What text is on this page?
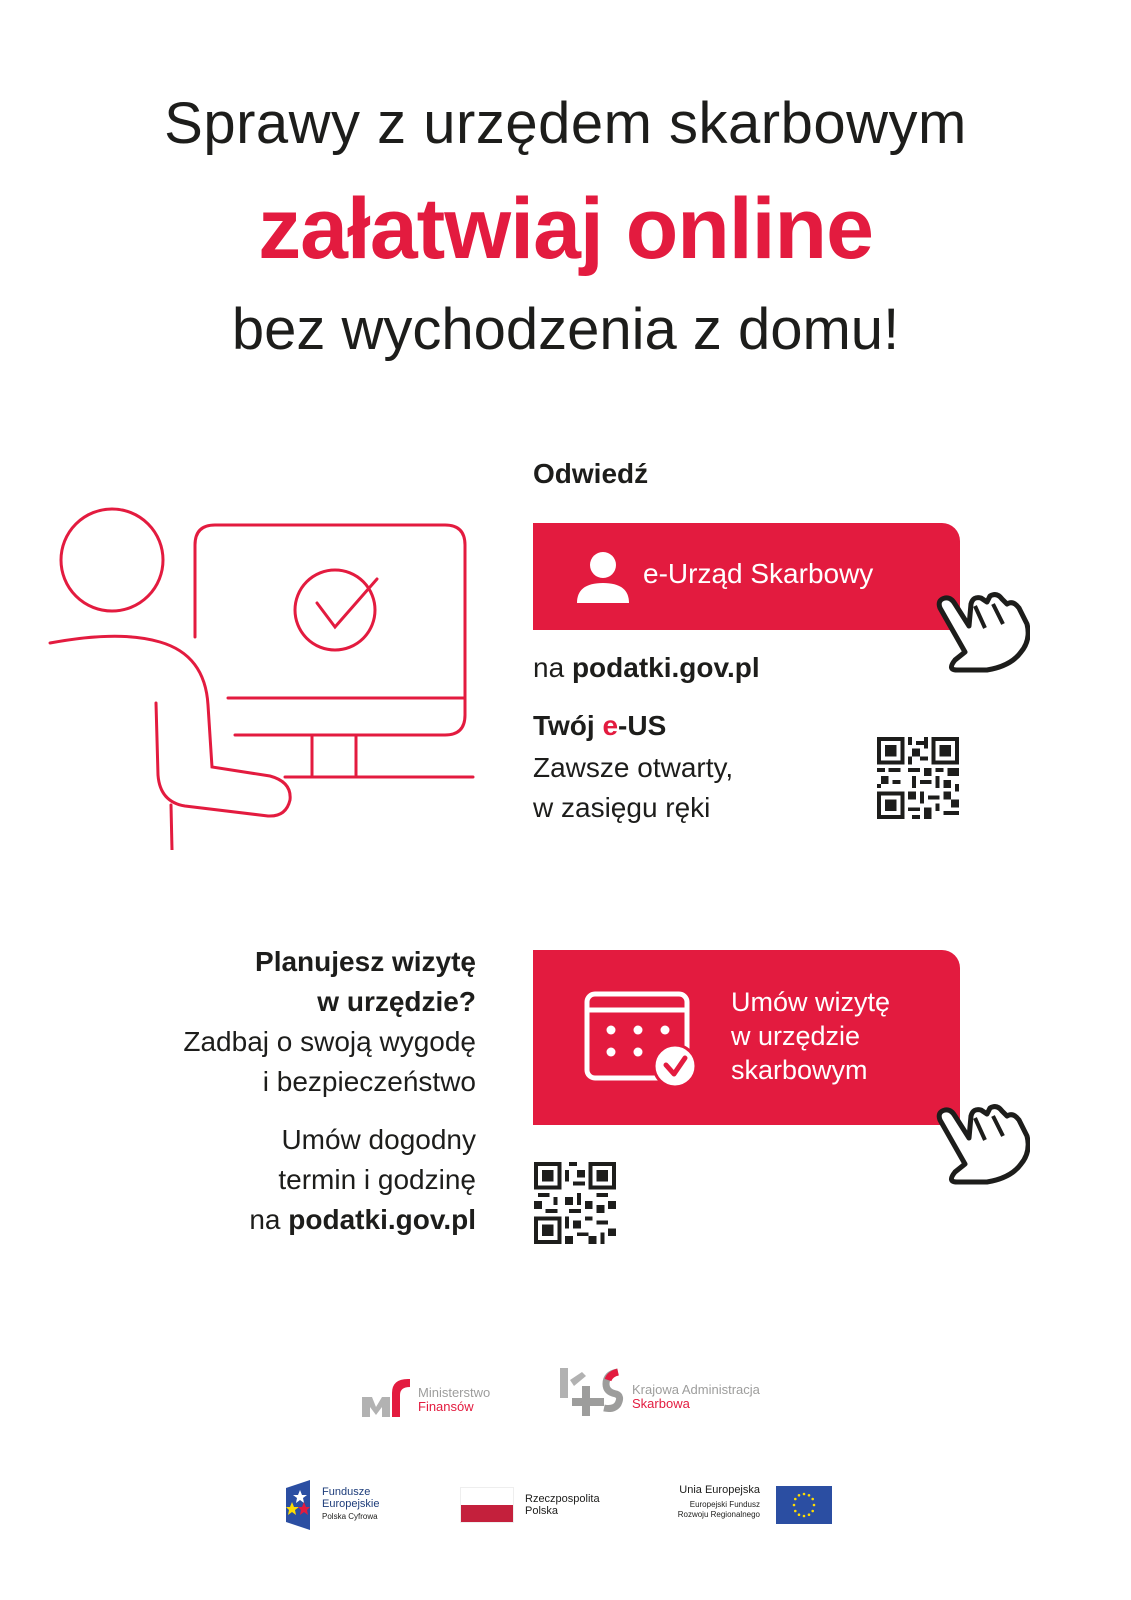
Sprawy z urzędem skarbowym
załatwiaj online
bez wychodzenia z domu!
Odwiedź
e-Urząd Skarbowy
na podatki.gov.pl
Twój e-US
Zawsze otwarty,
w zasięgu ręki
Planujesz wizytę
w urzędzie?
Zadbaj o swoją wygodę
i bezpieczeństwo
Umów dogodny
termin i godzinę
na podatki.gov.pl
Umów wizytę
w urzędzie
skarbowym
Ministerstwo
Finansów
Krajowa Administracja
Skarbowa
Fundusze
Europejskie
Polska Cyfrowa
Rzeczpospolita
Polska
Unia Europejska
Europejski Fundusz
Rozwoju Regionalnego
